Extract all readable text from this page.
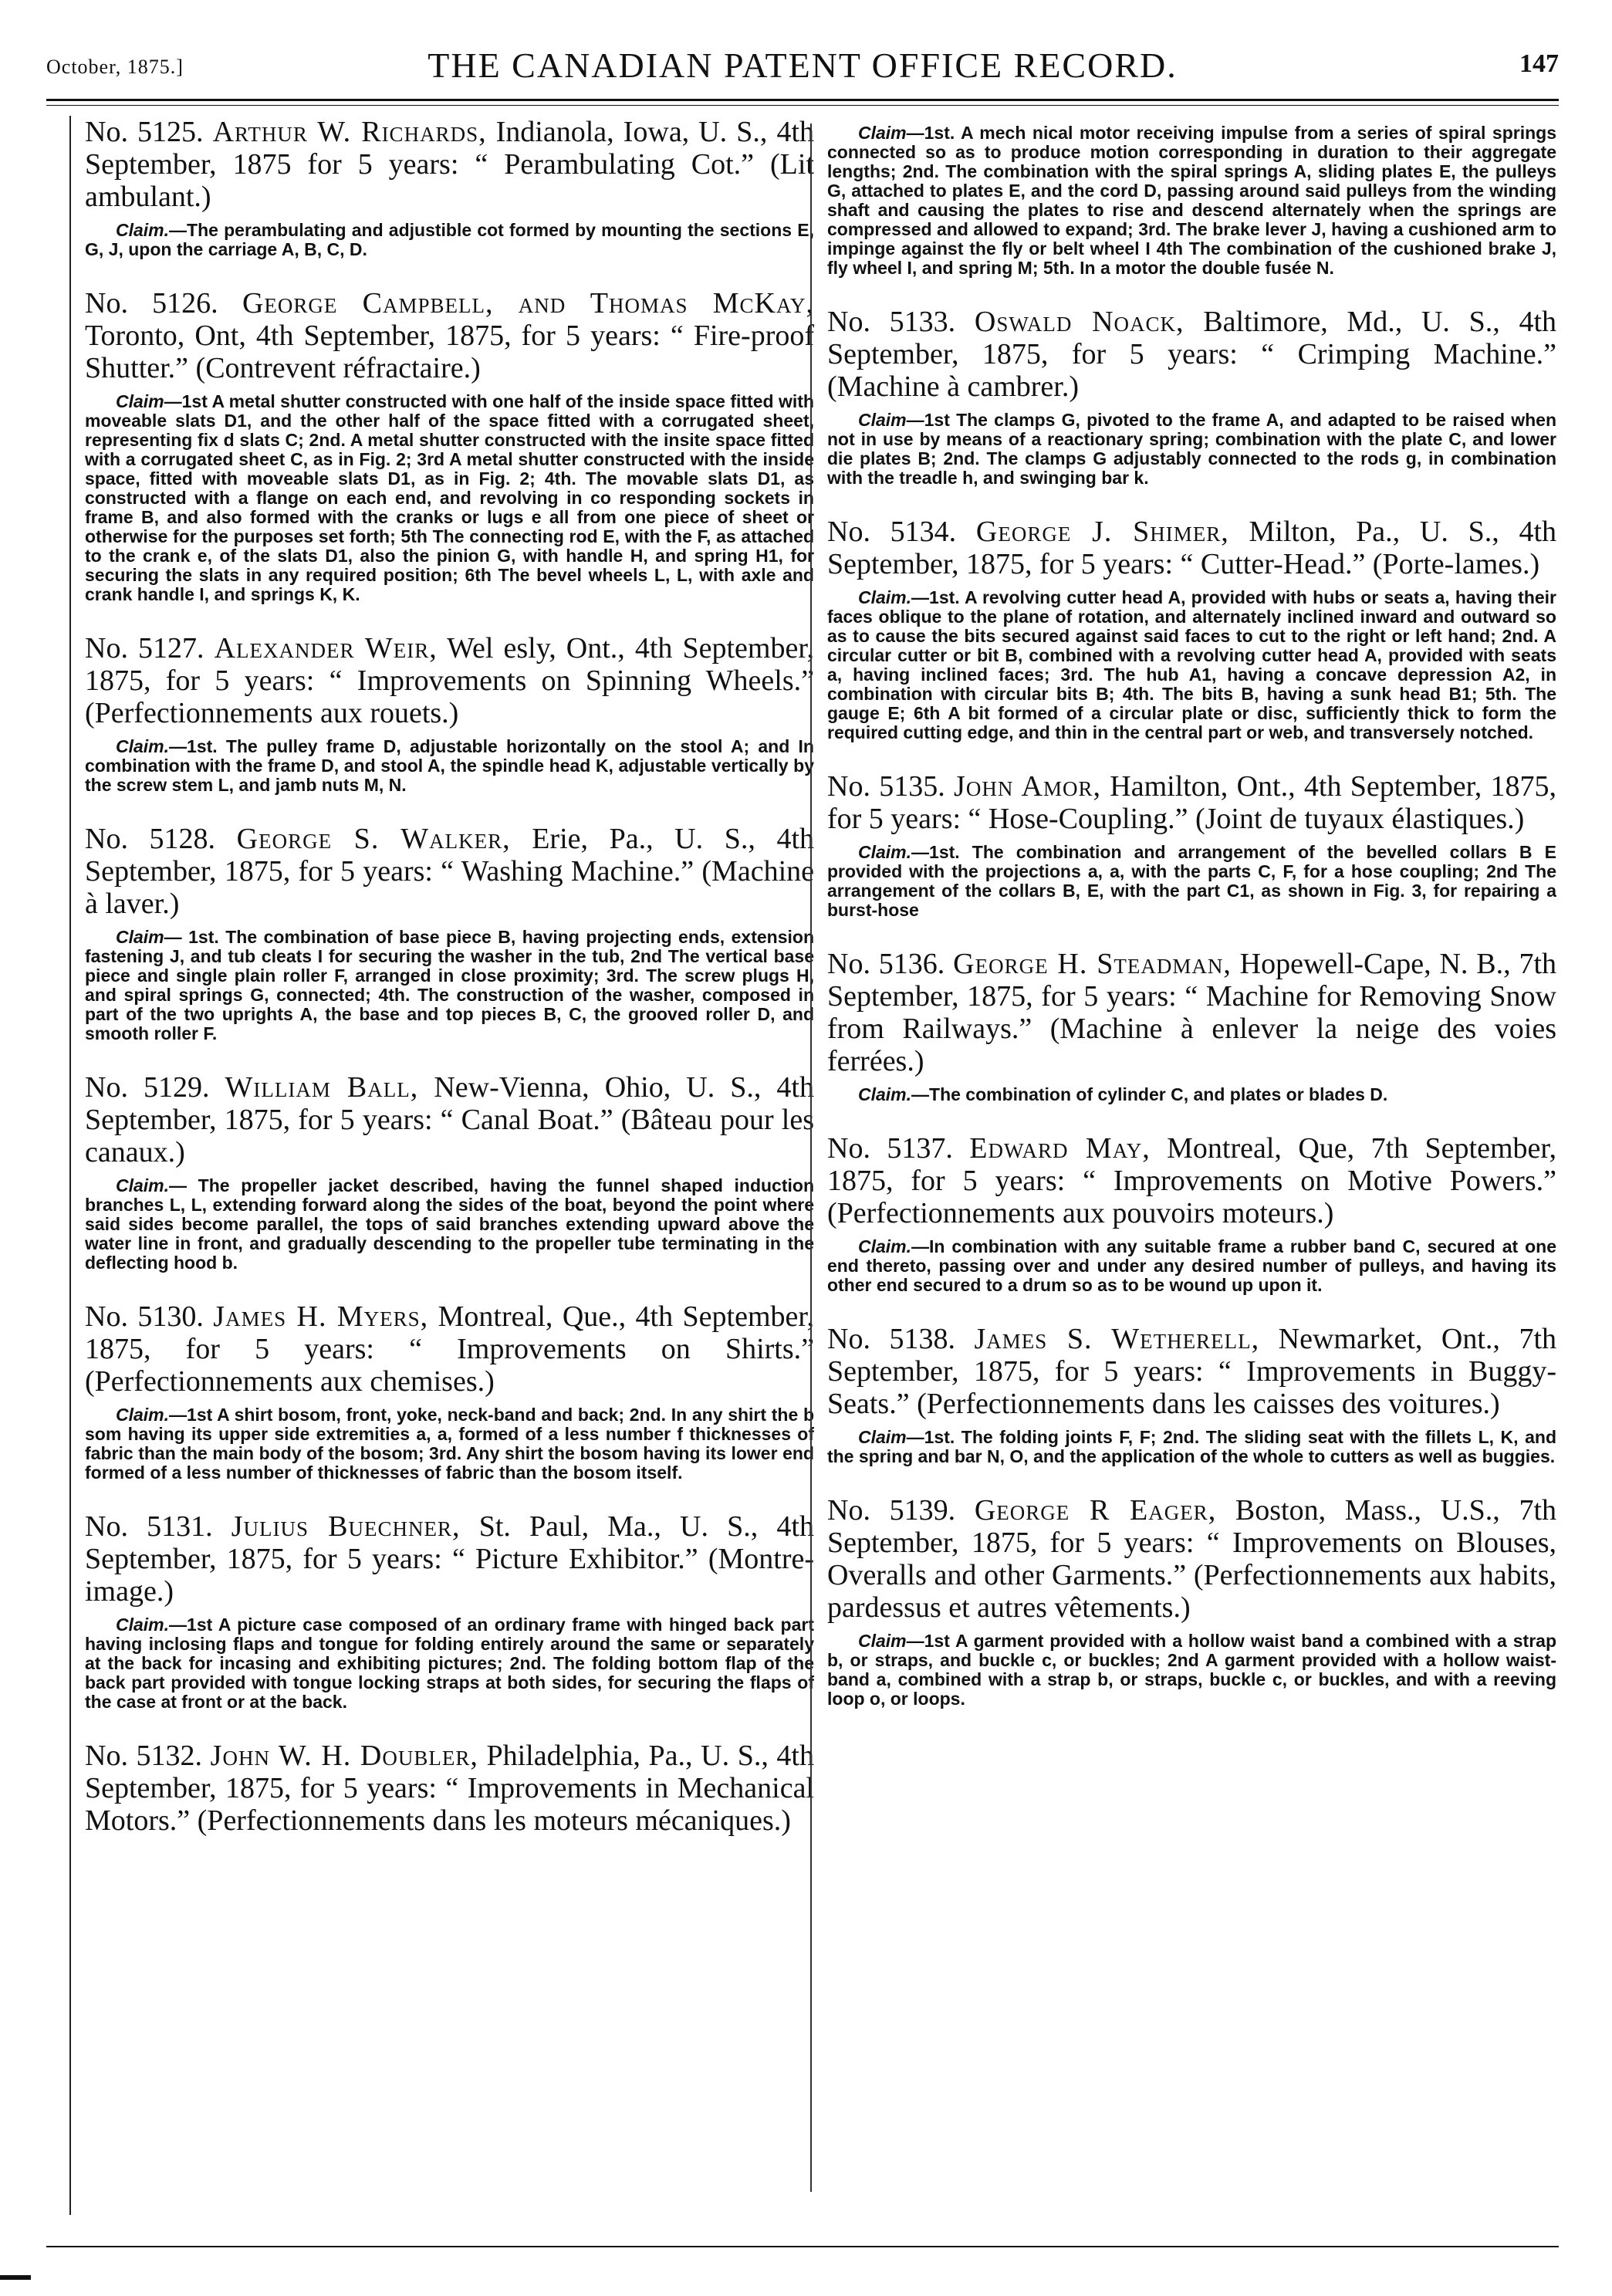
October, 1875.]	THE CANADIAN PATENT OFFICE RECORD.	147

No. 5125. Arthur W. Richards, Indianola, Iowa, U. S., 4th September, 1875 for 5 years: “ Perambulating Cot.” (Lit ambulant.)

Claim.—The perambulating and adjustible cot formed by mounting the sections E, G, J, upon the carriage A, B, C, D.

No. 5126. George Campbell, and Thomas McKay, Toronto, Ont, 4th September, 1875, for 5 years: “ Fire-proof Shutter.” (Contrevent réfractaire.)

Claim—1st A metal shutter constructed with one half of the inside space fitted with moveable slats D1, and the other half of the space fitted with a corrugated sheet, representing fix d slats C; 2nd. A metal shutter constructed with the insite space fitted with a corrugated sheet C, as in Fig. 2; 3rd A metal shutter constructed with the inside space, fitted with moveable slats D1, as in Fig. 2; 4th. The movable slats D1, as constructed with a flange on each end, and revolving in co responding sockets in frame B, and also formed with the cranks or lugs e all from one piece of sheet or otherwise for the purposes set forth; 5th The connecting rod E, with the F, as attached to the crank e, of the slats D1, also the pinion G, with handle H, and spring H1, for securing the slats in any required position; 6th The bevel wheels L, L, with axle and crank handle I, and springs K, K.

No. 5127. Alexander Weir, Wel esly, Ont., 4th September, 1875, for 5 years: “ Improvements on Spinning Wheels.” (Perfectionnements aux rouets.)

Claim.—1st. The pulley frame D, adjustable horizontally on the stool A; and In combination with the frame D, and stool A, the spindle head K, adjustable vertically by the screw stem L, and jamb nuts M, N.

No. 5128. George S. Walker, Erie, Pa., U. S., 4th September, 1875, for 5 years: “ Washing Machine.” (Machine à laver.)

Claim— 1st. The combination of base piece B, having projecting ends, extension fastening J, and tub cleats I for securing the washer in the tub, 2nd The vertical base piece and single plain roller F, arranged in close proximity; 3rd. The screw plugs H, and spiral springs G, connected; 4th. The construction of the washer, composed in part of the two uprights A, the base and top pieces B, C, the grooved roller D, and smooth roller F.

No. 5129. William Ball, New-Vienna, Ohio, U. S., 4th September, 1875, for 5 years: “ Canal Boat.” (Bâteau pour les canaux.)

Claim.— The propeller jacket described, having the funnel shaped induction branches L, L, extending forward along the sides of the boat, beyond the point where said sides become parallel, the tops of said branches extending upward above the water line in front, and gradually descending to the propeller tube terminating in the deflecting hood b.

No. 5130. James H. Myers, Montreal, Que., 4th September, 1875, for 5 years: “ Improvements on Shirts.” (Perfectionnements aux chemises.)

Claim.—1st A shirt bosom, front, yoke, neck-band and back; 2nd. In any shirt the b som having its upper side extremities a, a, formed of a less number f thicknesses of fabric than the main body of the bosom; 3rd. Any shirt the bosom having its lower end formed of a less number of thicknesses of fabric than the bosom itself.

No. 5131. Julius Buechner, St. Paul, Ma., U. S., 4th September, 1875, for 5 years: “ Picture Exhibitor.” (Montre-image.)

Claim.—1st A picture case composed of an ordinary frame with hinged back part having inclosing flaps and tongue for folding entirely around the same or separately at the back for incasing and exhibiting pictures; 2nd. The folding bottom flap of the back part provided with tongue locking straps at both sides, for securing the flaps of the case at front or at the back.

No. 5132. John W. H. Doubler, Philadelphia, Pa., U. S., 4th September, 1875, for 5 years: “ Improvements in Mechanical Motors.” (Perfectionnements dans les moteurs mécaniques.)

Claim—1st. A mech nical motor receiving impulse from a series of spiral springs connected so as to produce motion corresponding in duration to their aggregate lengths; 2nd. The combination with the spiral springs A, sliding plates E, the pulleys G, attached to plates E, and the cord D, passing around said pulleys from the winding shaft and causing the plates to rise and descend alternately when the springs are compressed and allowed to expand; 3rd. The brake lever J, having a cushioned arm to impinge against the fly or belt wheel I 4th The combination of the cushioned brake J, fly wheel I, and spring M; 5th. In a motor the double fusée N.

No. 5133. Oswald Noack, Baltimore, Md., U. S., 4th September, 1875, for 5 years: “ Crimping Machine.” (Machine à cambrer.)

Claim—1st The clamps G, pivoted to the frame A, and adapted to be raised when not in use by means of a reactionary spring; combination with the plate C, and lower die plates B; 2nd. The clamps G adjustably connected to the rods g, in combination with the treadle h, and swinging bar k.

No. 5134. George J. Shimer, Milton, Pa., U. S., 4th September, 1875, for 5 years: “ Cutter-Head.” (Porte-lames.)

Claim.—1st. A revolving cutter head A, provided with hubs or seats a, having their faces oblique to the plane of rotation, and alternately inclined inward and outward so as to cause the bits secured against said faces to cut to the right or left hand; 2nd. A circular cutter or bit B, combined with a revolving cutter head A, provided with seats a, having inclined faces; 3rd. The hub A1, having a concave depression A2, in combination with circular bits B; 4th. The bits B, having a sunk head B1; 5th. The gauge E; 6th A bit formed of a circular plate or disc, sufficiently thick to form the required cutting edge, and thin in the central part or web, and transversely notched.

No. 5135. John Amor, Hamilton, Ont., 4th September, 1875, for 5 years: “ Hose-Coupling.” (Joint de tuyaux élastiques.)

Claim.—1st. The combination and arrangement of the bevelled collars B E provided with the projections a, a, with the parts C, F, for a hose coupling; 2nd The arrangement of the collars B, E, with the part C1, as shown in Fig. 3, for repairing a burst-hose

No. 5136. George H. Steadman, Hopewell-Cape, N. B., 7th September, 1875, for 5 years: “ Machine for Removing Snow from Railways.” (Machine à enlever la neige des voies ferrées.)

Claim.—The combination of cylinder C, and plates or blades D.

No. 5137. Edward May, Montreal, Que, 7th September, 1875, for 5 years: “ Improvements on Motive Powers.” (Perfectionnements aux pouvoirs moteurs.)

Claim.—In combination with any suitable frame a rubber band C, secured at one end thereto, passing over and under any desired number of pulleys, and having its other end secured to a drum so as to be wound up upon it.

No. 5138. James S. Wetherell, Newmarket, Ont., 7th September, 1875, for 5 years: “ Improvements in Buggy-Seats.” (Perfectionnements dans les caisses des voitures.)

Claim—1st. The folding joints F, F; 2nd. The sliding seat with the fillets L, K, and the spring and bar N, O, and the application of the whole to cutters as well as buggies.

No. 5139. George R Eager, Boston, Mass., U.S., 7th September, 1875, for 5 years: “ Improvements on Blouses, Overalls and other Garments.” (Perfectionnements aux habits, pardessus et autres vêtements.)

Claim—1st A garment provided with a hollow waist band a combined with a strap b, or straps, and buckle c, or buckles; 2nd A garment provided with a hollow waist-band a, combined with a strap b, or straps, buckle c, or buckles, and with a reeving loop o, or loops.
